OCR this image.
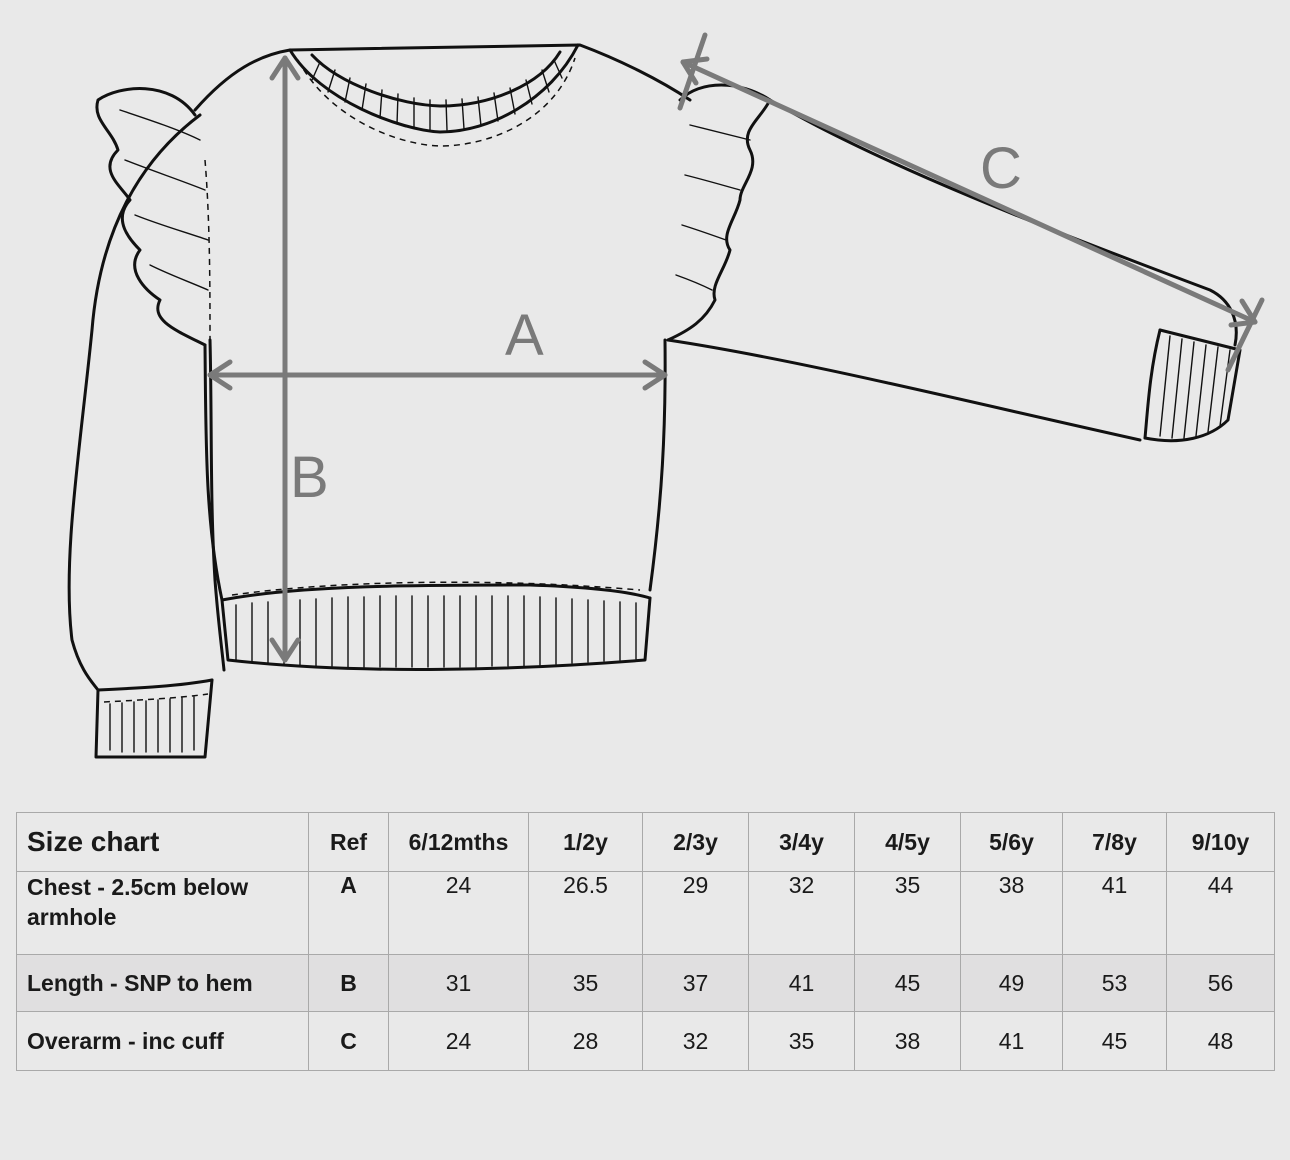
A
B
C
Size chart	Ref	6/12mths	1/2y	2/3y	3/4y	4/5y	5/6y	7/8y	9/10y
Chest - 2.5cm below armhole	A	24	26.5	29	32	35	38	41	44
Length - SNP to hem	B	31	35	37	41	45	49	53	56
Overarm - inc cuff	C	24	28	32	35	38	41	45	48
